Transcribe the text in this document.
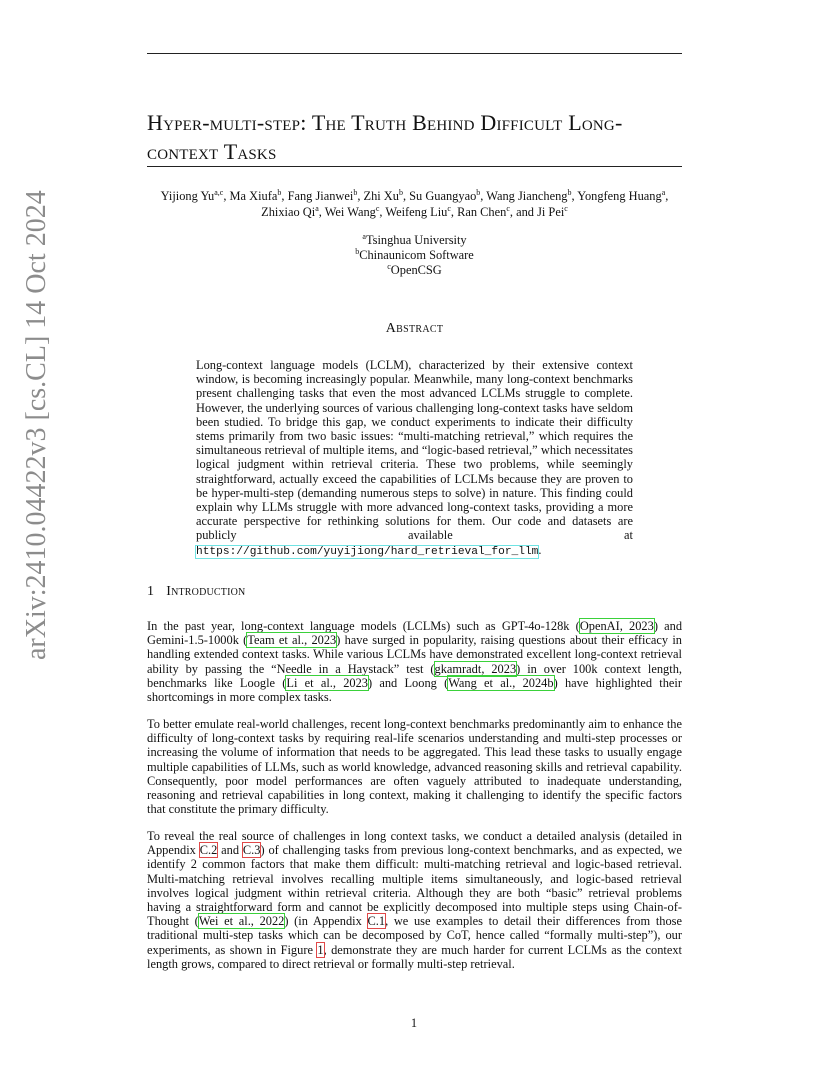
arXiv:2410.04422v3 [cs.CL] 14 Oct 2024
Hyper-multi-step: The Truth Behind Difficult Long-context Tasks
Yijiong Yu$^{a,c}$, Ma Xiufa$^b$, Fang Jianwei$^b$, Zhi Xu$^b$, Su Guangyao$^b$, Wang Jiancheng$^b$, Yongfeng Huang$^a$, Zhixiao Qi$^a$, Wei Wang$^c$, Weifeng Liu$^c$, Ran Chen$^c$, and Ji Pei$^c$
$^a$Tsinghua University
$^b$Chinaunicom Software
$^c$OpenCSG
Abstract

Long-context language models (LCLM), characterized by their extensive context window, is becoming increasingly popular. Meanwhile, many long-context benchmarks present challenging tasks that even the most advanced LCLMs struggle to complete. However, the underlying sources of various challenging long-context tasks have seldom been studied. To bridge this gap, we conduct experiments to indicate their difficulty stems primarily from two basic issues: “multi-matching retrieval,” which requires the simultaneous retrieval of multiple items, and “logic-based retrieval,” which necessitates logical judgment within retrieval criteria. These two problems, while seemingly straightforward, actually exceed the capabilities of LCLMs because they are proven to be hyper-multi-step (demanding numerous steps to solve) in nature. This finding could explain why LLMs struggle with more advanced long-context tasks, providing a more accurate perspective for rethinking solutions for them. Our code and datasets are publicly available at https://github.com/yuyijiong/hard_retrieval_for_llm.

1 Introduction

In the past year, long-context language models (LCLMs) such as GPT-4o-128k (OpenAI, 2023) and Gemini-1.5-1000k (Team et al., 2023) have surged in popularity, raising questions about their efficacy in handling extended context tasks. While various LCLMs have demonstrated excellent long-context retrieval ability by passing the “Needle in a Haystack” test (gkamradt, 2023) in over 100k context length, benchmarks like Loogle (Li et al., 2023) and Loong (Wang et al., 2024b) have highlighted their shortcomings in more complex tasks.

To better emulate real-world challenges, recent long-context benchmarks predominantly aim to enhance the difficulty of long-context tasks by requiring real-life scenarios understanding and multi-step processes or increasing the volume of information that needs to be aggregated. This lead these tasks to usually engage multiple capabilities of LLMs, such as world knowledge, advanced reasoning skills and retrieval capability. Consequently, poor model performances are often vaguely attributed to inadequate understanding, reasoning and retrieval capabilities in long context, making it challenging to identify the specific factors that constitute the primary difficulty.

To reveal the real source of challenges in long context tasks, we conduct a detailed analysis (detailed in Appendix C.2 and C.3) of challenging tasks from previous long-context benchmarks, and as expected, we identify 2 common factors that make them difficult: multi-matching retrieval and logic-based retrieval. Multi-matching retrieval involves recalling multiple items simultaneously, and logic-based retrieval involves logical judgment within retrieval criteria. Although they are both “basic” retrieval problems having a straightforward form and cannot be explicitly decomposed into multiple steps using Chain-of-Thought (Wei et al., 2022) (in Appendix C.1, we use examples to detail their differences from those traditional multi-step tasks which can be decomposed by CoT, hence called “formally multi-step”), our experiments, as shown in Figure 1, demonstrate they are much harder for current LCLMs as the context length grows, compared to direct retrieval or formally multi-step retrieval.

1
